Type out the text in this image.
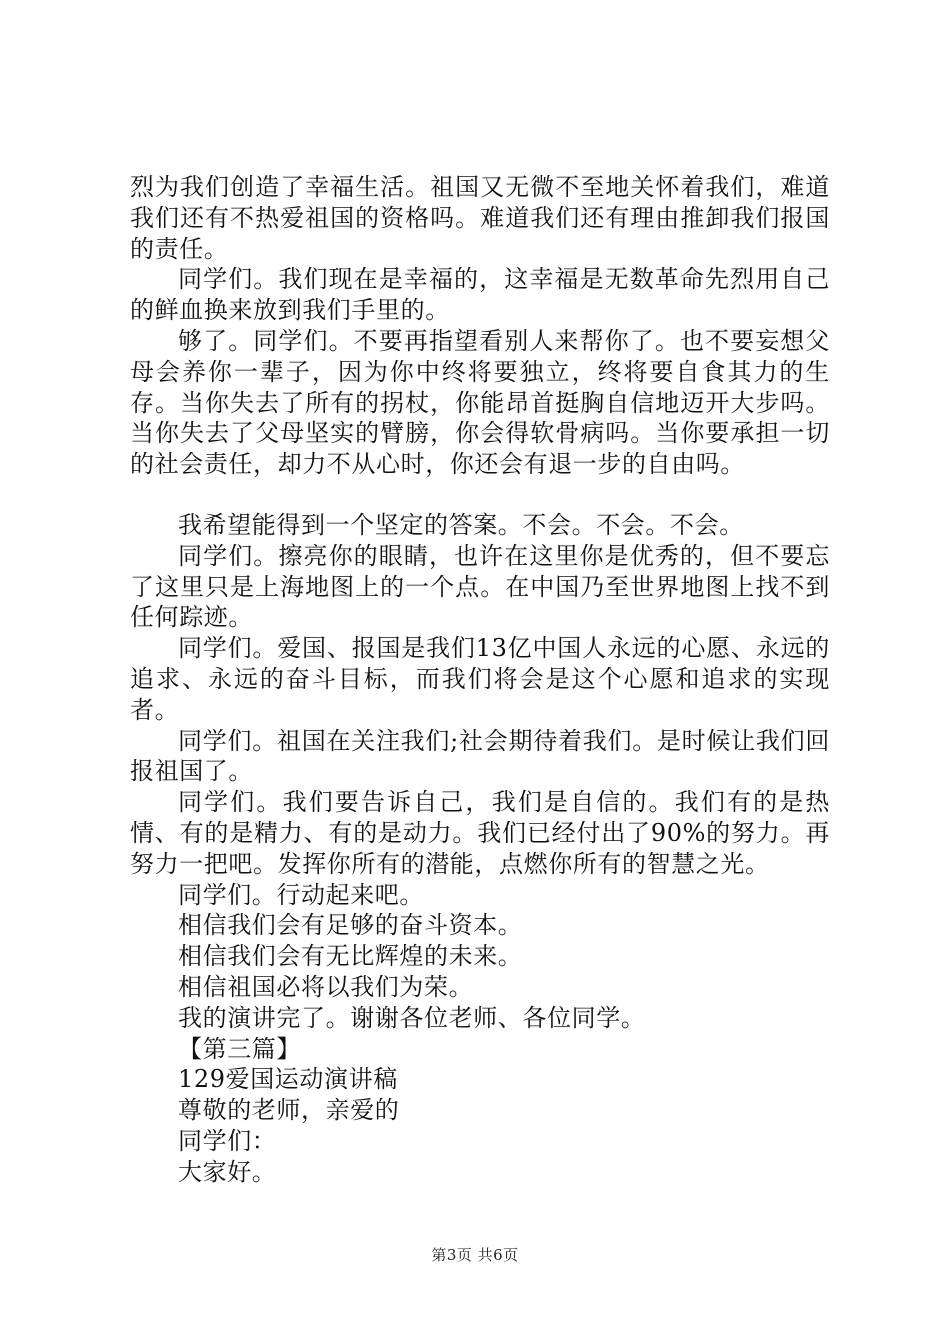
烈为我们创造了幸福生活。祖国又无微不至地关怀着我们，难道我们还有不热爱祖国的资格吗。难道我们还有理由推卸我们报国的责任。

同学们。我们现在是幸福的，这幸福是无数革命先烈用自己的鲜血换来放到我们手里的。

够了。同学们。不要再指望看别人来帮你了。也不要妄想父母会养你一辈子，因为你中终将要独立，终将要自食其力的生存。当你失去了所有的拐杖，你能昂首挺胸自信地迈开大步吗。当你失去了父母坚实的臂膀，你会得软骨病吗。当你要承担一切的社会责任，却力不从心时，你还会有退一步的自由吗。

我希望能得到一个坚定的答案。不会。不会。不会。

同学们。擦亮你的眼睛，也许在这里你是优秀的，但不要忘了这里只是上海地图上的一个点。在中国乃至世界地图上找不到任何踪迹。

同学们。爱国、报国是我们13亿中国人永远的心愿、永远的追求、永远的奋斗目标，而我们将会是这个心愿和追求的实现者。

同学们。祖国在关注我们;社会期待着我们。是时候让我们回报祖国了。

同学们。我们要告诉自己，我们是自信的。我们有的是热情、有的是精力、有的是动力。我们已经付出了90%的努力。再努力一把吧。发挥你所有的潜能，点燃你所有的智慧之光。

同学们。行动起来吧。

相信我们会有足够的奋斗资本。

相信我们会有无比辉煌的未来。

相信祖国必将以我们为荣。

我的演讲完了。谢谢各位老师、各位同学。

【第三篇】

129爱国运动演讲稿

尊敬的老师，亲爱的

同学们：

大家好。

第3页 共6页
